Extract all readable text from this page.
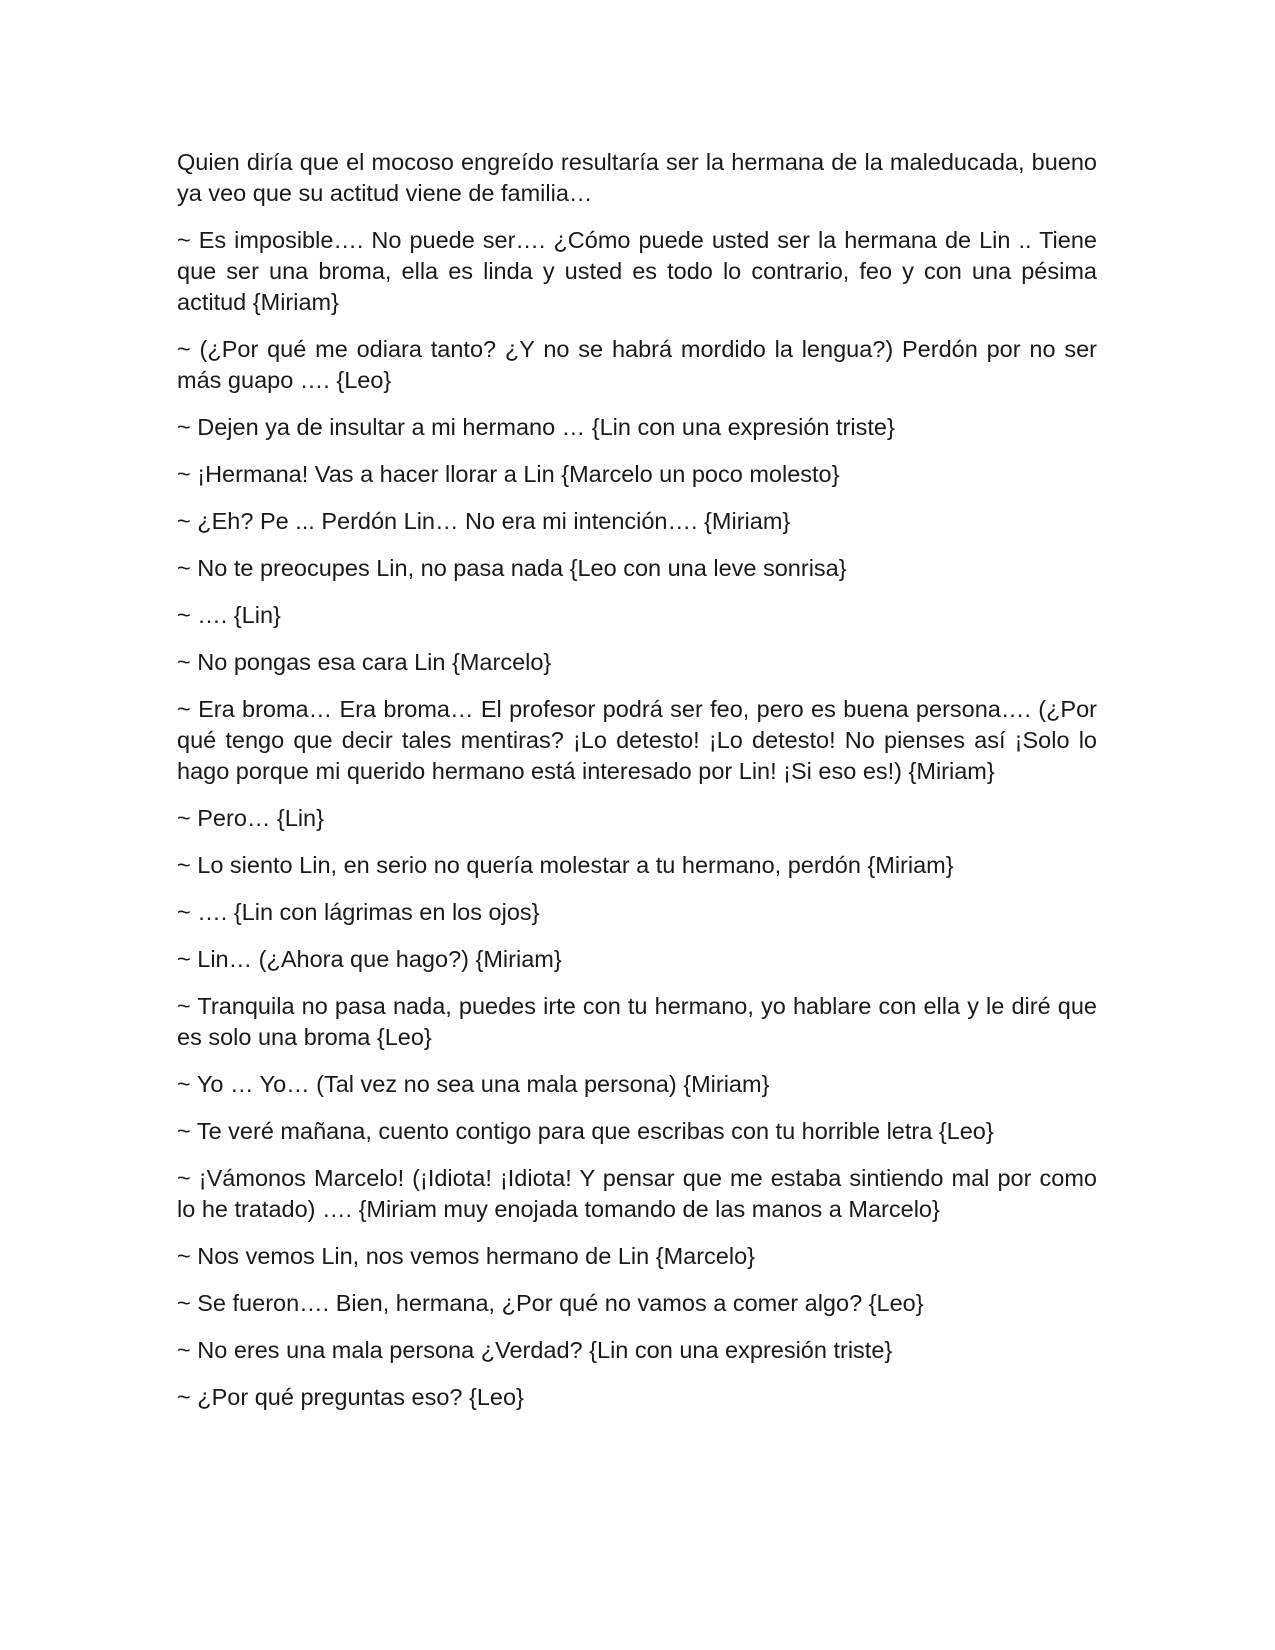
Quien diría que el mocoso engreído resultaría ser la hermana de la maleducada, bueno ya veo que su actitud viene de familia…

~ Es imposible…. No puede ser…. ¿Cómo puede usted ser la hermana de Lin .. Tiene que ser una broma, ella es linda y usted es todo lo contrario, feo y con una pésima actitud {Miriam}

~ (¿Por qué me odiara tanto? ¿Y no se habrá mordido la lengua?) Perdón por no ser más guapo …. {Leo}

~ Dejen ya de insultar a mi hermano … {Lin con una expresión triste}

~ ¡Hermana! Vas a hacer llorar a Lin {Marcelo un poco molesto}

~ ¿Eh? Pe ... Perdón Lin… No era mi intención…. {Miriam}

~ No te preocupes Lin, no pasa nada {Leo con una leve sonrisa}

~ …. {Lin}

~ No pongas esa cara Lin {Marcelo}

~ Era broma… Era broma… El profesor podrá ser feo, pero es buena persona…. (¿Por qué tengo que decir tales mentiras? ¡Lo detesto! ¡Lo detesto! No pienses así ¡Solo lo hago porque mi querido hermano está interesado por Lin! ¡Si eso es!) {Miriam}

~ Pero… {Lin}

~ Lo siento Lin, en serio no quería molestar a tu hermano, perdón {Miriam}

~ …. {Lin con lágrimas en los ojos}

~ Lin… (¿Ahora que hago?) {Miriam}

~ Tranquila no pasa nada, puedes irte con tu hermano, yo hablare con ella y le diré que es solo una broma {Leo}

~ Yo … Yo… (Tal vez no sea una mala persona) {Miriam}

~ Te veré mañana, cuento contigo para que escribas con tu horrible letra {Leo}

~ ¡Vámonos Marcelo! (¡Idiota! ¡Idiota! Y pensar que me estaba sintiendo mal por como lo he tratado) …. {Miriam muy enojada tomando de las manos a Marcelo}

~ Nos vemos Lin, nos vemos hermano de Lin {Marcelo}

~ Se fueron…. Bien, hermana, ¿Por qué no vamos a comer algo? {Leo}

~ No eres una mala persona ¿Verdad? {Lin con una expresión triste}

~ ¿Por qué preguntas eso? {Leo}
